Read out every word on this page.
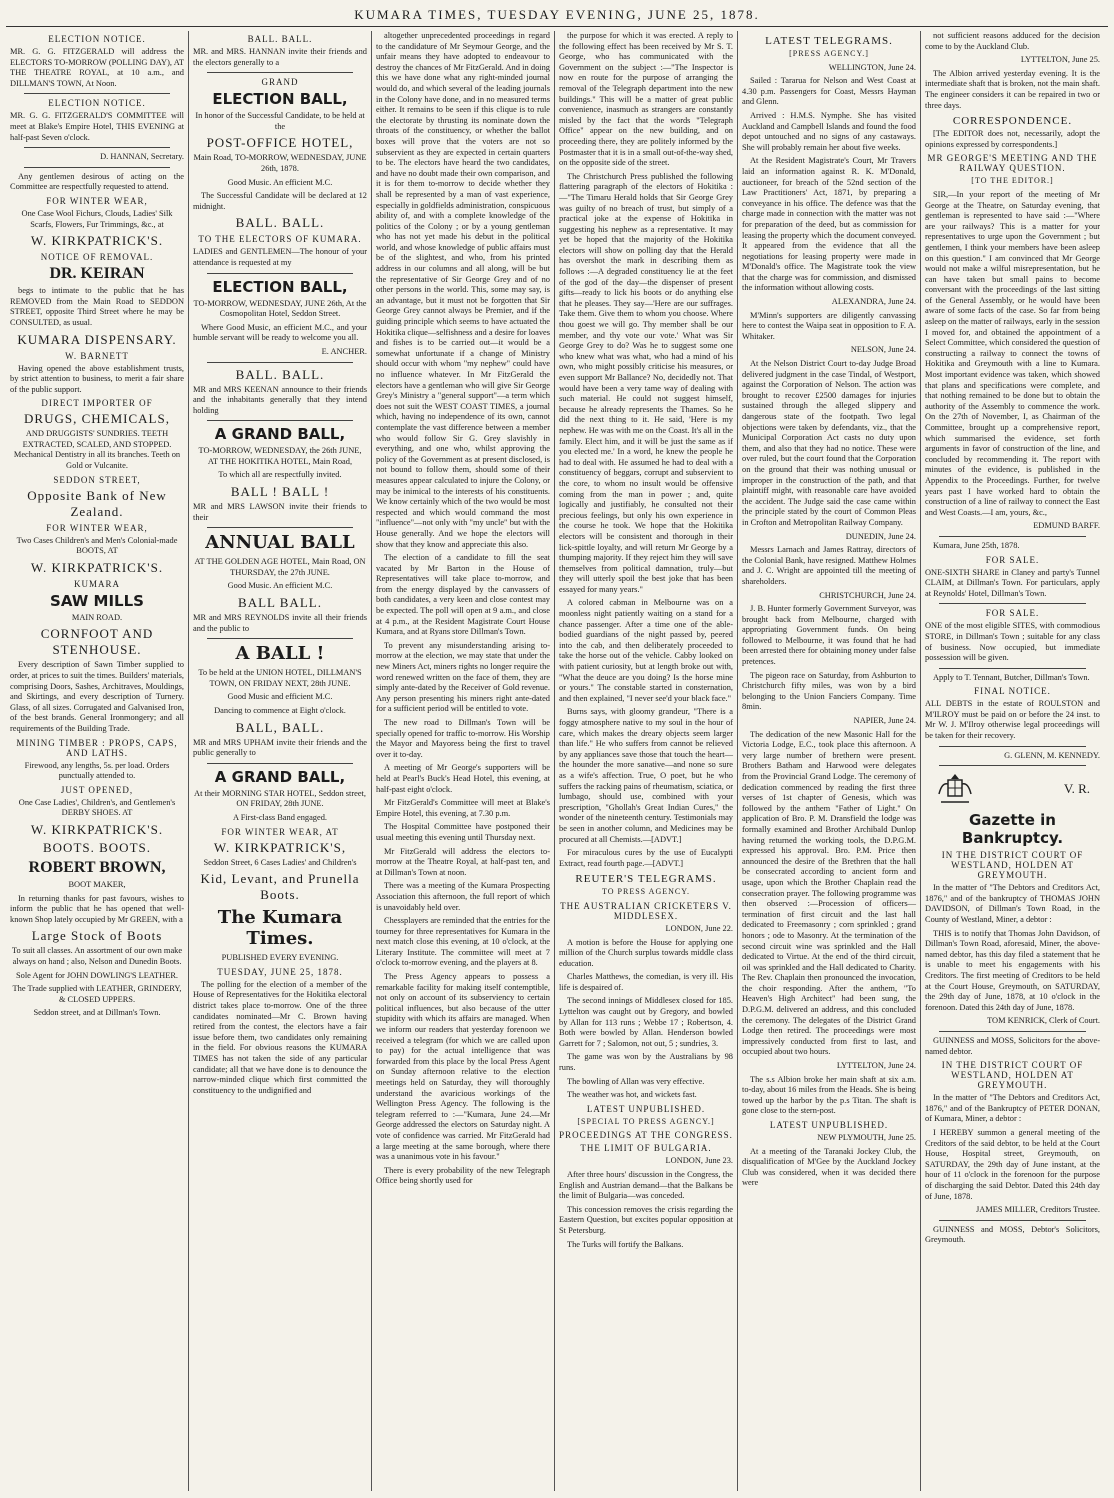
KUMARA TIMES, TUESDAY EVENING, JUNE 25, 1878.
ELECTION NOTICE.

MR. G. G. FITZGERALD will address the ELECTORS TO-MORROW (POLLING DAY), AT THE THEATRE ROYAL, at 10 a.m., and DILLMAN'S TOWN, At Noon.

ELECTION NOTICE.

MR. G. G. FITZGERALD'S COMMITTEE will meet at Blake's Empire Hotel, THIS EVENING at half-past Seven o'clock.

D. HANNAN, Secretary.

Any gentlemen desirous of acting on the Committee are respectfully requested to attend.

FOR WINTER WEAR,

One Case Wool Fichurs, Clouds, Ladies' Silk Scarfs, Flowers, Fur Trimmings, &c., at

W. KIRKPATRICK'S.
NOTICE OF REMOVAL.
DR. KEIRAN

begs to intimate to the public that he has REMOVED from the Main Road to SEDDON STREET, opposite Third Street where he may be CONSULTED, as usual.

KUMARA DISPENSARY.
W. BARNETT

Having opened the above establishment trusts, by strict attention to business, to merit a fair share of the public support.

DIRECT IMPORTER OF
DRUGS, CHEMICALS,

AND DRUGGISTS' SUNDRIES. TEETH EXTRACTED, SCALED, AND STOPPED. Mechanical Dentistry in all its branches. Teeth on Gold or Vulcanite.

SEDDON STREET,
Opposite Bank of New Zealand.
FOR WINTER WEAR,

Two Cases Children's and Men's Colonial-made BOOTS, AT

W. KIRKPATRICK'S.
KUMARA
SAW MILLS

MAIN ROAD.

CORNFOOT AND STENHOUSE.

Every description of Sawn Timber supplied to order, at prices to suit the times. Builders' materials, comprising Doors, Sashes, Architraves, Mouldings, and Skirtings, and every description of Turnery. Glass, of all sizes. Corrugated and Galvanised Iron, of the best brands. General Ironmongery; and all requirements of the Building Trade.

MINING TIMBER : PROPS, CAPS, AND LATHS.

Firewood, any lengths, 5s. per load. Orders punctually attended to.

JUST OPENED,

One Case Ladies', Children's, and Gentlemen's DERBY SHOES. AT

W. KIRKPATRICK'S.
BOOTS. BOOTS.
ROBERT BROWN,

BOOT MAKER,

In returning thanks for past favours, wishes to inform the public that he has opened that well-known Shop lately occupied by Mr GREEN, with a

Large Stock of Boots

To suit all classes. An assortment of our own make always on hand ; also, Nelson and Dunedin Boots.

Sole Agent for JOHN DOWLING'S LEATHER.

The Trade supplied with LEATHER, GRINDERY, & CLOSED UPPERS.

Seddon street, and at Dillman's Town.

BALL. BALL.

MR. and MRS. HANNAN invite their friends and the electors generally to a

GRAND
ELECTION BALL,

In honor of the Successful Candidate, to be held at the

POST-OFFICE HOTEL,

Main Road, TO-MORROW, WEDNESDAY, JUNE 26th, 1878.

Good Music. An efficient M.C.

The Successful Candidate will be declared at 12 midnight.

BALL. BALL.
TO THE ELECTORS OF KUMARA.

LADIES and GENTLEMEN—The honour of your attendance is requested at my

ELECTION BALL,

TO-MORROW, WEDNESDAY, JUNE 26th, At the Cosmopolitan Hotel, Seddon Street.

Where Good Music, an efficient M.C., and your humble servant will be ready to welcome you all.

E. ANCHER.

BALL. BALL.

MR and MRS KEENAN announce to their friends and the inhabitants generally that they intend holding

A GRAND BALL,

TO-MORROW, WEDNESDAY, the 26th JUNE, AT THE HOKITIKA HOTEL, Main Road,

To which all are respectfully invited.

BALL ! BALL !

MR and MRS LAWSON invite their friends to their

ANNUAL BALL

AT THE GOLDEN AGE HOTEL, Main Road, ON THURSDAY, the 27th JUNE.

Good Music. An efficient M.C.

BALL BALL.

MR and MRS REYNOLDS invite all their friends and the public to

A BALL !

To be held at the UNION HOTEL, DILLMAN'S TOWN, ON FRIDAY NEXT, 28th JUNE.

Good Music and efficient M.C.

Dancing to commence at Eight o'clock.

BALL, BALL.

MR and MRS UPHAM invite their friends and the public generally to

A GRAND BALL,

At their MORNING STAR HOTEL, Seddon street, ON FRIDAY, 28th JUNE.

A First-class Band engaged.

FOR WINTER WEAR, AT
W. KIRKPATRICK'S,

Seddon Street, 6 Cases Ladies' and Children's

Kid, Levant, and Prunella Boots.
The Kumara Times.

PUBLISHED EVERY EVENING.

TUESDAY, JUNE 25, 1878.

The polling for the election of a member of the House of Representatives for the Hokitika electoral district takes place to-morrow. One of the three candidates nominated—Mr C. Brown having retired from the contest, the electors have a fair issue before them, two candidates only remaining in the field. For obvious reasons the KUMARA TIMES has not taken the side of any particular candidate; all that we have done is to denounce the narrow-minded clique which first committed the constituency to the undignified and

altogether unprecedented proceedings in regard to the candidature of Mr Seymour George, and the unfair means they have adopted to endeavour to destroy the chances of Mr FitzGerald. And in doing this we have done what any right-minded journal would do, and which several of the leading journals in the Colony have done, and in no measured terms either. It remains to be seen if this clique is to rule the electorate by thrusting its nominate down the throats of the constituency, or whether the ballot boxes will prove that the voters are not so subservient as they are expected in certain quarters to be. The electors have heard the two candidates, and have no doubt made their own comparison, and it is for them to-morrow to decide whether they shall be represented by a man of vast experience, especially in goldfields administration, conspicuous ability of, and with a complete knowledge of the politics of the Colony ; or by a young gentleman who has not yet made his debut in the political world, and whose knowledge of public affairs must be of the slightest, and who, from his printed address in our columns and all along, will be but the representative of Sir George Grey and of no other persons in the world. This, some may say, is an advantage, but it must not be forgotten that Sir George Grey cannot always be Premier, and if the guiding principle which seems to have actuated the Hokitika clique—selfishness and a desire for loaves and fishes is to be carried out—it would be a somewhat unfortunate if a change of Ministry should occur with whom "my nephew" could have no influence whatever. In Mr FitzGerald the electors have a gentleman who will give Sir George Grey's Ministry a "general support"—a term which does not suit the WEST COAST TIMES, a journal which, having no independence of its own, cannot contemplate the vast difference between a member who would follow Sir G. Grey slavishly in everything, and one who, whilst approving the policy of the Government as at present disclosed, is not bound to follow them, should some of their measures appear calculated to injure the Colony, or may be inimical to the interests of his constituents. We know certainly which of the two would be most respected and which would command the most "influence"—not only with "my uncle" but with the House generally. And we hope the electors will show that they know and appreciate this also.

The election of a candidate to fill the seat vacated by Mr Barton in the House of Representatives will take place to-morrow, and from the energy displayed by the canvassers of both candidates, a very keen and close contest may be expected. The poll will open at 9 a.m., and close at 4 p.m., at the Resident Magistrate Court House Kumara, and at Ryans store Dillman's Town.

To prevent any misunderstanding arising to-morrow at the election, we may state that under the new Miners Act, miners rights no longer require the word renewed written on the face of them, they are simply ante-dated by the Receiver of Gold revenue. Any person presenting his miners right ante-dated for a sufficient period will be entitled to vote.

The new road to Dillman's Town will be specially opened for traffic to-morrow. His Worship the Mayor and Mayoress being the first to travel over it to-day.

A meeting of Mr George's supporters will be held at Pearl's Buck's Head Hotel, this evening, at half-past eight o'clock.

Mr FitzGerald's Committee will meet at Blake's Empire Hotel, this evening, at 7.30 p.m.

The Hospital Committee have postponed their usual meeting this evening until Thursday next.

Mr FitzGerald will address the electors to-morrow at the Theatre Royal, at half-past ten, and at Dillman's Town at noon.

There was a meeting of the Kumara Prospecting Association this afternoon, the full report of which is unavoidably held over.

Chessplayers are reminded that the entries for the tourney for three representatives for Kumara in the next match close this evening, at 10 o'clock, at the Literary Institute. The committee will meet at 7 o'clock to-morrow evening, and the players at 8.

The Press Agency appears to possess a remarkable facility for making itself contemptible, not only on account of its subserviency to certain political influences, but also because of the utter stupidity with which its affairs are managed. When we inform our readers that yesterday forenoon we received a telegram (for which we are called upon to pay) for the actual intelligence that was forwarded from this place by the local Press Agent on Sunday afternoon relative to the election meetings held on Saturday, they will thoroughly understand the avaricious workings of the Wellington Press Agency. The following is the telegram referred to :—"Kumara, June 24.—Mr George addressed the electors on Saturday night. A vote of confidence was carried. Mr FitzGerald had a large meeting at the same borough, where there was a unanimous vote in his favour."

There is every probability of the new Telegraph Office being shortly used for

the purpose for which it was erected. A reply to the following effect has been received by Mr S. T. George, who has communicated with the Government on the subject :—"The Inspector is now en route for the purpose of arranging the removal of the Telegraph department into the new buildings." This will be a matter of great public convenience, inasmuch as strangers are constantly misled by the fact that the words "Telegraph Office" appear on the new building, and on proceeding there, they are politely informed by the Postmaster that it is in a small out-of-the-way shed, on the opposite side of the street.

The Christchurch Press published the following flattering paragraph of the electors of Hokitika :—"The Timaru Herald holds that Sir George Grey was guilty of no breach of trust, but simply of a practical joke at the expense of Hokitika in suggesting his nephew as a representative. It may yet be hoped that the majority of the Hokitika electors will show on polling day that the Herald has overshot the mark in describing them as follows :—A degraded constituency lie at the feet of the god of the day—the dispenser of present gifts—ready to lick his boots or do anything else that he pleases. They say—'Here are our suffrages. Take them. Give them to whom you choose. Where thou goest we will go. Thy member shall be our member, and thy vote our vote.' What was Sir George Grey to do? Was he to suggest some one who knew what was what, who had a mind of his own, who might possibly criticise his measures, or even support Mr Ballance? No, decidedly not. That would have been a very tame way of dealing with such material. He could not suggest himself, because he already represents the Thames. So he did the next thing to it. He said, 'Here is my nephew. He was with me on the Coast. It's all in the family. Elect him, and it will be just the same as if you elected me.' In a word, he knew the people he had to deal with. He assumed he had to deal with a constituency of beggars, corrupt and subservient to the core, to whom no insult would be offensive coming from the man in power ; and, quite logically and justifiably, he consulted not their precious feelings, but only his own experience in the course he took. We hope that the Hokitika electors will be consistent and thorough in their lick-spittle loyalty, and will return Mr George by a thumping majority. If they reject him they will save themselves from political damnation, truly—but they will utterly spoil the best joke that has been essayed for many years."

A colored cabman in Melbourne was on a moonless night patiently waiting on a stand for a chance passenger. After a time one of the able-bodied guardians of the night passed by, peered into the cab, and then deliberately proceeded to take the horse out of the vehicle. Cabby looked on with patient curiosity, but at length broke out with, "What the deuce are you doing? Is the horse mine or yours." The constable started in consternation, and then explained, "I never see'd your black face."

Burns says, with gloomy grandeur, "There is a foggy atmosphere native to my soul in the hour of care, which makes the dreary objects seem larger than life." He who suffers from cannot be relieved by any appliances save those that touch the heart—the hounder the more sanative—and none so sure as a wife's affection. True, O poet, but he who suffers the racking pains of rheumatism, sciatica, or lumbago, should use, combined with your prescription, "Ghollah's Great Indian Cures," the wonder of the nineteenth century. Testimonials may be seen in another column, and Medicines may be procured at all Chemists.—[ADVT.]

For miraculous cures by the use of Eucalypti Extract, read fourth page.—[ADVT.]

REUTER'S TELEGRAMS.

TO PRESS AGENCY.

THE AUSTRALIAN CRICKETERS V. MIDDLESEX.

LONDON, June 22.

A motion is before the House for applying one million of the Church surplus towards middle class education.

Charles Matthews, the comedian, is very ill. His life is despaired of.

The second innings of Middlesex closed for 185. Lyttelton was caught out by Gregory, and bowled by Allan for 113 runs ; Webbe 17 ; Robertson, 4. Both were bowled by Allan. Henderson bowled Garrett for 7 ; Salomon, not out, 5 ; sundries, 3.

The game was won by the Australians by 98 runs.

The bowling of Allan was very effective.

The weather was hot, and wickets fast.

LATEST UNPUBLISHED.

[SPECIAL TO PRESS AGENCY.]

PROCEEDINGS AT THE CONGRESS.
THE LIMIT OF BULGARIA.

LONDON, June 23.

After three hours' discussion in the Congress, the English and Austrian demand—that the Balkans be the limit of Bulgaria—was conceded.

This concession removes the crisis regarding the Eastern Question, but excites popular opposition at St Petersburg.

The Turks will fortify the Balkans.

LATEST TELEGRAMS.

[PRESS AGENCY.]

WELLINGTON, June 24.

Sailed : Tararua for Nelson and West Coast at 4.30 p.m. Passengers for Coast, Messrs Hayman and Glenn.

Arrived : H.M.S. Nymphe. She has visited Auckland and Campbell Islands and found the food depot untouched and no signs of any castaways. She will probably remain her about five weeks.

At the Resident Magistrate's Court, Mr Travers laid an information against R. K. M'Donald, auctioneer, for breach of the 52nd section of the Law Practitioners' Act, 1871, by preparing a conveyance in his office. The defence was that the charge made in connection with the matter was not for preparation of the deed, but as commission for leasing the property which the document conveyed. It appeared from the evidence that all the negotiations for leasing property were made in M'Donald's office. The Magistrate took the view that the charge was for commission, and dismissed the information without allowing costs.

ALEXANDRA, June 24.

M'Minn's supporters are diligently canvassing here to contest the Waipa seat in opposition to F. A. Whitaker.

NELSON, June 24.

At the Nelson District Court to-day Judge Broad delivered judgment in the case Tindal, of Westport, against the Corporation of Nelson. The action was brought to recover £2500 damages for injuries sustained through the alleged slippery and dangerous state of the footpath. Two legal objections were taken by defendants, viz., that the Municipal Corporation Act casts no duty upon them, and also that they had no notice. These were over ruled, but the court found that the Corporation on the ground that their was nothing unusual or improper in the construction of the path, and that plaintiff might, with reasonable care have avoided the accident. The Judge said the case came within the principle stated by the court of Common Pleas in Crofton and Metropolitan Railway Company.

DUNEDIN, June 24.

Messrs Larnach and James Rattray, directors of the Colonial Bank, have resigned. Matthew Holmes and J. C. Wright are appointed till the meeting of shareholders.

CHRISTCHURCH, June 24.

J. B. Hunter formerly Government Surveyor, was brought back from Melbourne, charged with appropriating Government funds. On being followed to Melbourne, it was found that he had been arrested there for obtaining money under false pretences.

The pigeon race on Saturday, from Ashburton to Christchurch fifty miles, was won by a bird belonging to the Union Fanciers Company. Time 8min.

NAPIER, June 24.

The dedication of the new Masonic Hall for the Victoria Lodge, E.C., took place this afternoon. A very large number of brethern were present. Brothers Batham and Harwood were delegates from the Provincial Grand Lodge. The ceremony of dedication commenced by reading the first three verses of 1st chapter of Genesis, which was followed by the anthem "Father of Light." On application of Bro. P. M. Dransfield the lodge was formally examined and Brother Archibald Dunlop having returned the working tools, the D.P.G.M. expressed his approval. Bro. P.M. Price then announced the desire of the Brethren that the hall be consecrated according to ancient form and usage, upon which the Brother Chaplain read the consecration prayer. The following programme was then observed :—Procession of officers—termination of first circuit and the last hall dedicated to Freemasonry ; corn sprinkled ; grand honors ; ode to Masonry. At the termination of the second circuit wine was sprinkled and the Hall dedicated to Virtue. At the end of the third circuit, oil was sprinkled and the Hall dedicated to Charity. The Rev. Chaplain then pronounced the invocation, the choir responding. After the anthem, "To Heaven's High Architect" had been sung, the D.P.G.M. delivered an address, and this concluded the ceremony. The delegates of the District Grand Lodge then retired. The proceedings were most impressively conducted from first to last, and occupied about two hours.

LYTTELTON, June 24.

The s.s Albion broke her main shaft at six a.m. to-day, about 16 miles from the Heads. She is being towed up the harbor by the p.s Titan. The shaft is gone close to the stern-post.

LATEST UNPUBLISHED.

NEW PLYMOUTH, June 25.

At a meeting of the Taranaki Jockey Club, the disqualification of M'Gee by the Auckland Jockey Club was considered, when it was decided there were

not sufficient reasons adduced for the decision come to by the Auckland Club.

LYTTELTON, June 25.

The Albion arrived yesterday evening. It is the intermediate shaft that is broken, not the main shaft. The engineer considers it can be repaired in two or three days.

CORRESPONDENCE.

[The EDITOR does not, necessarily, adopt the opinions expressed by correspondents.]

MR GEORGE'S MEETING AND THE RAILWAY QUESTION.

[TO THE EDITOR.]

SIR,—In your report of the meeting of Mr George at the Theatre, on Saturday evening, that gentleman is represented to have said :—"Where are your railways? This is a matter for your representatives to urge upon the Government ; but gentlemen, I think your members have been asleep on this question." I am convinced that Mr George would not make a wilful misrepresentation, but he can have taken but small pains to become conversant with the proceedings of the last sitting of the General Assembly, or he would have been aware of some facts of the case. So far from being asleep on the matter of railways, early in the session I moved for, and obtained the appointment of a Select Committee, which considered the question of constructing a railway to connect the towns of Hokitika and Greymouth with a line to Kumara. Most important evidence was taken, which showed that plans and specifications were complete, and that nothing remained to be done but to obtain the authority of the Assembly to commence the work. On the 27th of November, I, as Chairman of the Committee, brought up a comprehensive report, which summarised the evidence, set forth arguments in favor of construction of the line, and concluded by recommending it. The report with minutes of the evidence, is published in the Appendix to the Proceedings. Further, for twelve years past I have worked hard to obtain the construction of a line of railway to connect the East and West Coasts.—I am, yours, &c.,

EDMUND BARFF.

Kumara, June 25th, 1878.

FOR SALE.

ONE-SIXTH SHARE in Claney and party's Tunnel CLAIM, at Dillman's Town. For particulars, apply at Reynolds' Hotel, Dillman's Town.

FOR SALE.

ONE of the most eligible SITES, with commodious STORE, in Dillman's Town ; suitable for any class of business. Now occupied, but immediate possession will be given.

Apply to T. Tennant, Butcher, Dillman's Town.

FINAL NOTICE.

ALL DEBTS in the estate of ROULSTON and M'ILROY must be paid on or before the 24 inst. to Mr W. J. M'Ilroy otherwise legal proceedings will be taken for their recovery.

G. GLENN, M. KENNEDY.

V. R.
Gazette in Bankruptcy.
IN THE DISTRICT COURT OF WESTLAND, HOLDEN AT GREYMOUTH.

In the matter of "The Debtors and Creditors Act, 1876," and of the bankruptcy of THOMAS JOHN DAVIDSON, of Dillman's Town Road, in the County of Westland, Miner, a debtor :

THIS is to notify that Thomas John Davidson, of Dillman's Town Road, aforesaid, Miner, the above-named debtor, has this day filed a statement that he is unable to meet his engagements with his Creditors. The first meeting of Creditors to be held at the Court House, Greymouth, on SATURDAY, the 29th day of June, 1878, at 10 o'clock in the forenoon. Dated this 24th day of June, 1878.

TOM KENRICK, Clerk of Court.

GUINNESS and MOSS, Solicitors for the above-named debtor.

IN THE DISTRICT COURT OF WESTLAND, HOLDEN AT GREYMOUTH.

In the matter of "The Debtors and Creditors Act, 1876," and of the Bankruptcy of PETER DONAN, of Kumara, Miner, a debtor :

I HEREBY summon a general meeting of the Creditors of the said debtor, to be held at the Court House, Hospital street, Greymouth, on SATURDAY, the 29th day of June instant, at the hour of 11 o'clock in the forenoon for the purpose of discharging the said Debtor. Dated this 24th day of June, 1878.

JAMES MILLER, Creditors Trustee.

GUINNESS and MOSS, Debtor's Solicitors, Greymouth.
